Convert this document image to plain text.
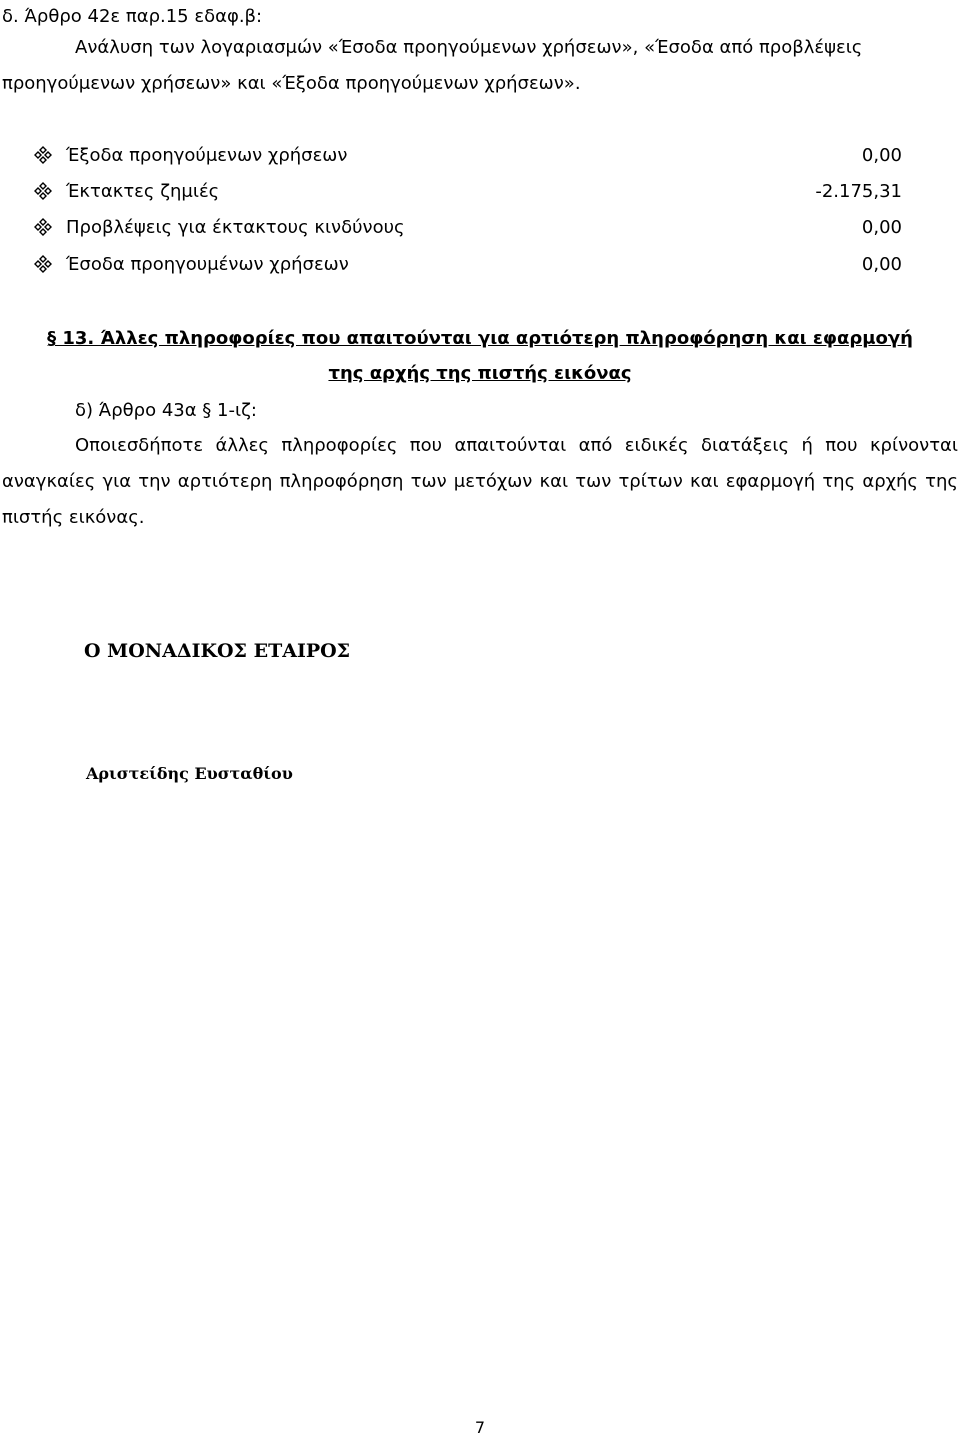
δ. Άρθρο 42ε παρ.15 εδαφ.β:
Ανάλυση των λογαριασμών «Έσοδα προηγούμενων χρήσεων», «Έσοδα από προβλέψεις
προηγούμενων χρήσεων» και «Έξοδα προηγούμενων χρήσεων».
Έξοδα προηγούμενων χρήσεων	0,00
Έκτακτες ζημιές	-2.175,31
Προβλέψεις για έκτακτους κινδύνους	0,00
Έσοδα προηγουμένων χρήσεων	0,00
§ 13. Άλλες πληροφορίες που απαιτούνται για αρτιότερη πληροφόρηση και εφαρμογή
της αρχής της πιστής εικόνας
δ) Άρθρο 43α § 1-ιζ:
Οποιεσδήποτε άλλες πληροφορίες που απαιτούνται από ειδικές διατάξεις ή που κρίνονται αναγκαίες για την αρτιότερη πληροφόρηση των μετόχων και των τρίτων και εφαρμογή της αρχής της πιστής εικόνας.
Ο ΜΟΝΑΔΙΚΟΣ ΕΤΑΙΡΟΣ
Αριστείδης Ευσταθίου
7
